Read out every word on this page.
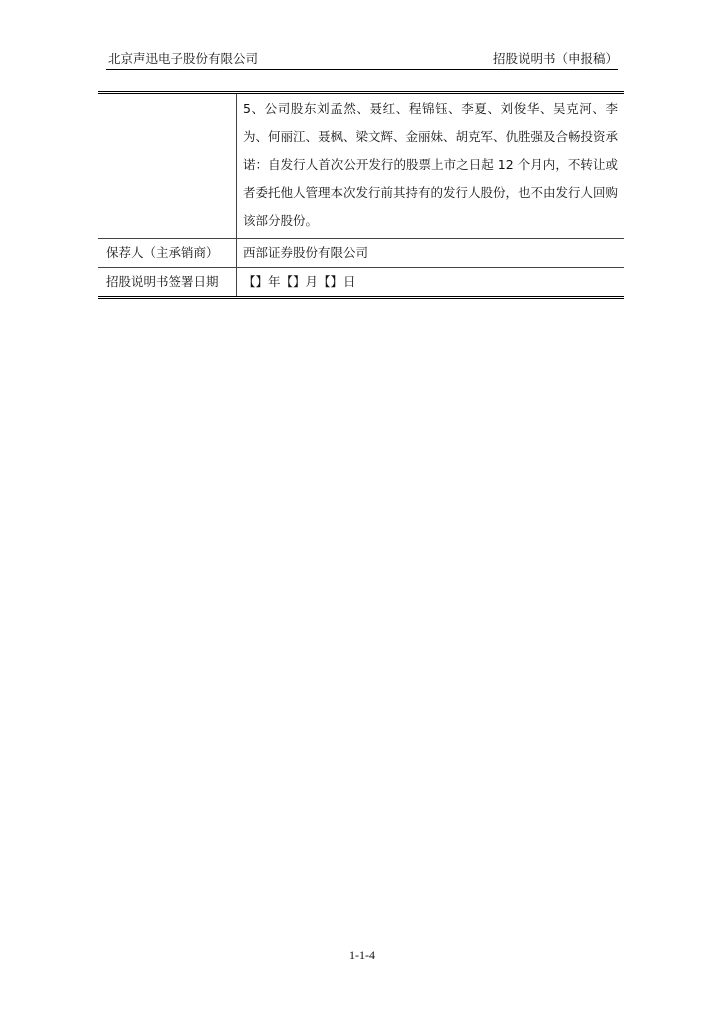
北京声迅电子股份有限公司	招股说明书（申报稿）

	5、公司股东刘孟然、聂红、程锦钰、李夏、刘俊华、吴克河、李为、何丽江、聂枫、梁文辉、金丽妹、胡克军、仇胜强及合畅投资承诺：自发行人首次公开发行的股票上市之日起 12 个月内，不转让或者委托他人管理本次发行前其持有的发行人股份，也不由发行人回购该部分股份。

保荐人（主承销商）	西部证券股份有限公司
招股说明书签署日期	【】年【】月【】日
1-1-4
